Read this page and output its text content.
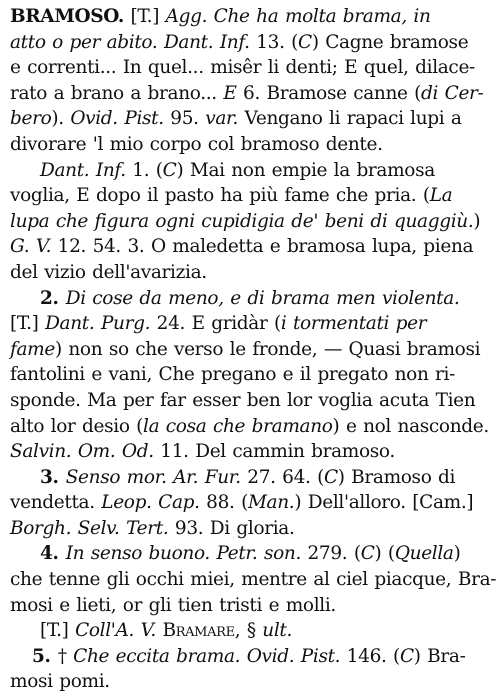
BRAMOSO. [T.] Agg. Che ha molta brama, in
atto o per abito. Dant. Inf. 13. (C) Cagne bramose
e correnti... In quel... misêr li denti; E quel, dilace-
rato a brano a brano... E 6. Bramose canne (di Cer-
bero). Ovid. Pist. 95. var. Vengano li rapaci lupi a
divorare 'l mio corpo col bramoso dente.
Dant. Inf. 1. (C) Mai non empie la bramosa
voglia, E dopo il pasto ha più fame che pria. (La
lupa che figura ogni cupidigia de' beni di quaggiù.)
G. V. 12. 54. 3. O maledetta e bramosa lupa, piena
del vizio dell'avarizia.
2. Di cose da meno, e di brama men violenta.
[T.] Dant. Purg. 24. E gridàr (i tormentati per
fame) non so che verso le fronde, — Quasi bramosi
fantolini e vani, Che pregano e il pregato non ri-
sponde. Ma per far esser ben lor voglia acuta Tien
alto lor desio (la cosa che bramano) e nol nasconde.
Salvin. Om. Od. 11. Del cammin bramoso.
3. Senso mor. Ar. Fur. 27. 64. (C) Bramoso di
vendetta. Leop. Cap. 88. (Man.) Dell'alloro. [Cam.]
Borgh. Selv. Tert. 93. Di gloria.
4. In senso buono. Petr. son. 279. (C) (Quella)
che tenne gli occhi miei, mentre al ciel piacque, Bra-
mosi e lieti, or gli tien tristi e molli.
[T.] Coll'A. V. Bramare, § ult.
5. † Che eccita brama. Ovid. Pist. 146. (C) Bra-
mosi pomi.
